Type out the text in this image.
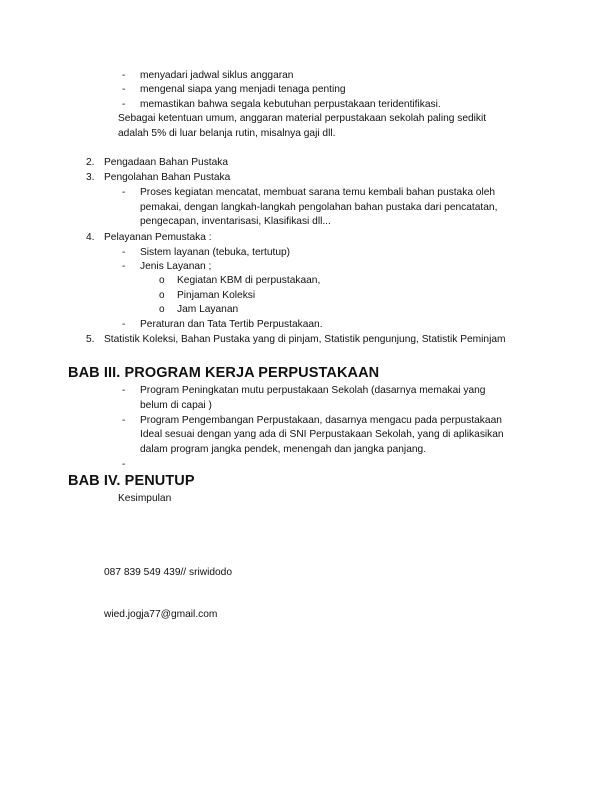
- menyadari jadwal siklus anggaran
- mengenal siapa yang menjadi tenaga penting
- memastikan bahwa segala kebutuhan perpustakaan teridentifikasi.
Sebagai ketentuan umum, anggaran material perpustakaan sekolah paling sedikit
adalah 5% di luar belanja rutin, misalnya gaji dll.
2. Pengadaan Bahan Pustaka
3. Pengolahan Bahan Pustaka
- Proses kegiatan mencatat, membuat sarana temu kembali bahan pustaka oleh
pemakai, dengan langkah-langkah pengolahan bahan pustaka dari pencatatan,
pengecapan, inventarisasi, Klasifikasi dll...
4. Pelayanan Pemustaka :
- Sistem layanan (tebuka, tertutup)
- Jenis Layanan ;
o Kegiatan KBM di perpustakaan,
o Pinjaman Koleksi
o Jam Layanan
- Peraturan dan Tata Tertib Perpustakaan.
5. Statistik Koleksi, Bahan Pustaka yang di pinjam, Statistik pengunjung, Statistik Peminjam
BAB III. PROGRAM KERJA PERPUSTAKAAN
- Program Peningkatan mutu perpustakaan Sekolah (dasarnya memakai yang
belum di capai )
- Program Pengembangan Perpustakaan, dasarnya mengacu pada perpustakaan
Ideal sesuai dengan yang ada di SNI Perpustakaan Sekolah, yang di aplikasikan
dalam program jangka pendek, menengah dan jangka panjang.
-
BAB IV. PENUTUP
Kesimpulan
087 839 549 439// sriwidodo
wied.jogja77@gmail.com
